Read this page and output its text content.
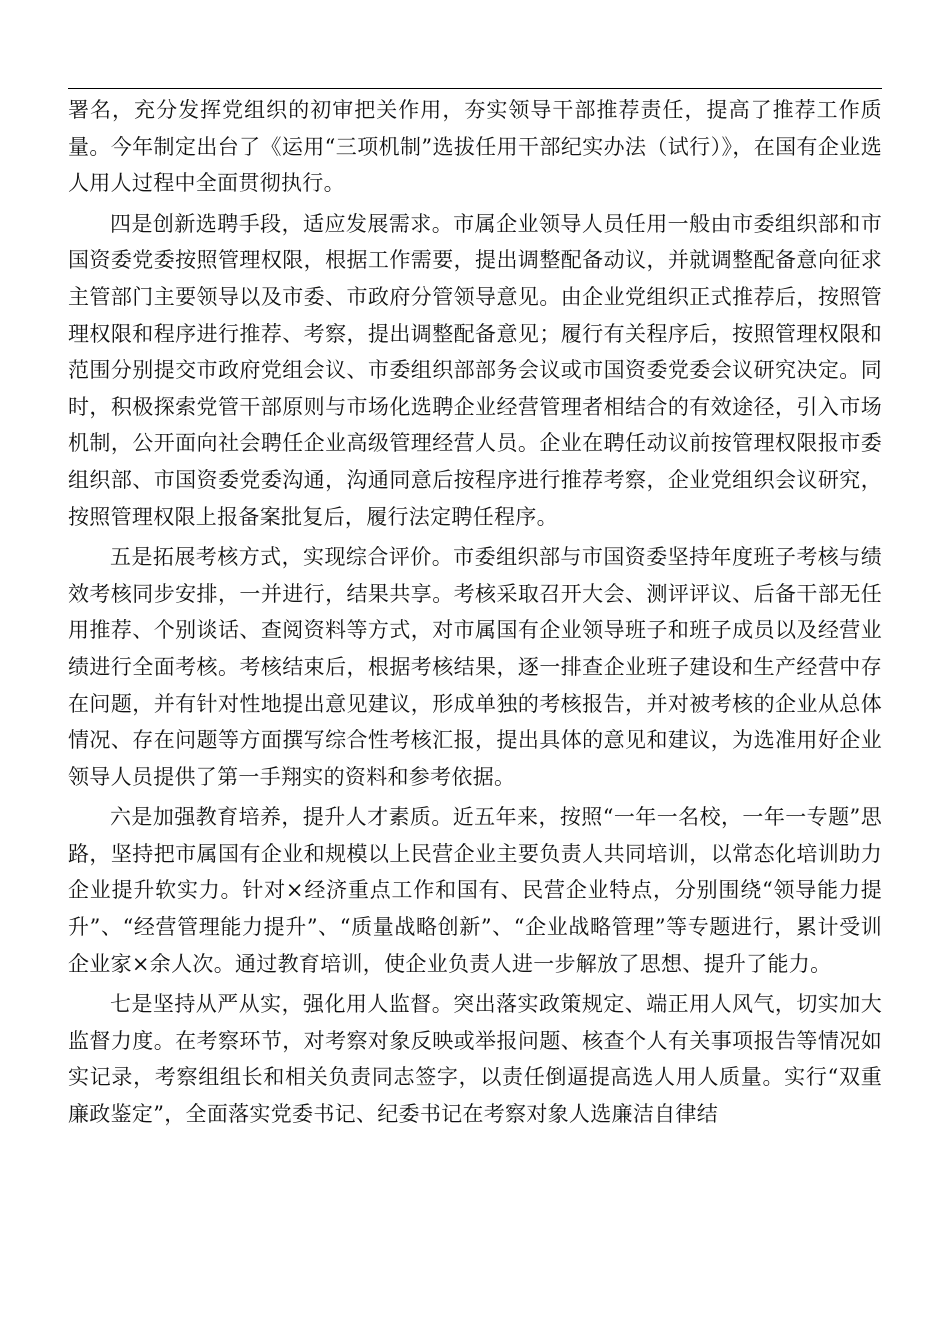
署名，充分发挥党组织的初审把关作用，夯实领导干部推荐责任，提高了推荐工作质量。今年制定出台了《运用“三项机制”选拔任用干部纪实办法（试行）》，在国有企业选人用人过程中全面贯彻执行。

四是创新选聘手段，适应发展需求。市属企业领导人员任用一般由市委组织部和市国资委党委按照管理权限，根据工作需要，提出调整配备动议，并就调整配备意向征求主管部门主要领导以及市委、市政府分管领导意见。由企业党组织正式推荐后，按照管理权限和程序进行推荐、考察，提出调整配备意见；履行有关程序后，按照管理权限和范围分别提交市政府党组会议、市委组织部部务会议或市国资委党委会议研究决定。同时，积极探索党管干部原则与市场化选聘企业经营管理者相结合的有效途径，引入市场机制，公开面向社会聘任企业高级管理经营人员。企业在聘任动议前按管理权限报市委组织部、市国资委党委沟通，沟通同意后按程序进行推荐考察，企业党组织会议研究，按照管理权限上报备案批复后，履行法定聘任程序。

五是拓展考核方式，实现综合评价。市委组织部与市国资委坚持年度班子考核与绩效考核同步安排，一并进行，结果共享。考核采取召开大会、测评评议、后备干部无任用推荐、个别谈话、查阅资料等方式，对市属国有企业领导班子和班子成员以及经营业绩进行全面考核。考核结束后，根据考核结果，逐一排查企业班子建设和生产经营中存在问题，并有针对性地提出意见建议，形成单独的考核报告，并对被考核的企业从总体情况、存在问题等方面撰写综合性考核汇报，提出具体的意见和建议，为选准用好企业领导人员提供了第一手翔实的资料和参考依据。

六是加强教育培养，提升人才素质。近五年来，按照“一年一名校，一年一专题”思路，坚持把市属国有企业和规模以上民营企业主要负责人共同培训，以常态化培训助力企业提升软实力。针对×经济重点工作和国有、民营企业特点，分别围绕“领导能力提升”、“经营管理能力提升”、“质量战略创新”、“企业战略管理”等专题进行，累计受训企业家×余人次。通过教育培训，使企业负责人进一步解放了思想、提升了能力。

七是坚持从严从实，强化用人监督。突出落实政策规定、端正用人风气，切实加大监督力度。在考察环节，对考察对象反映或举报问题、核查个人有关事项报告等情况如实记录，考察组组长和相关负责同志签字，以责任倒逼提高选人用人质量。实行“双重廉政鉴定”，全面落实党委书记、纪委书记在考察对象人选廉洁自律结
